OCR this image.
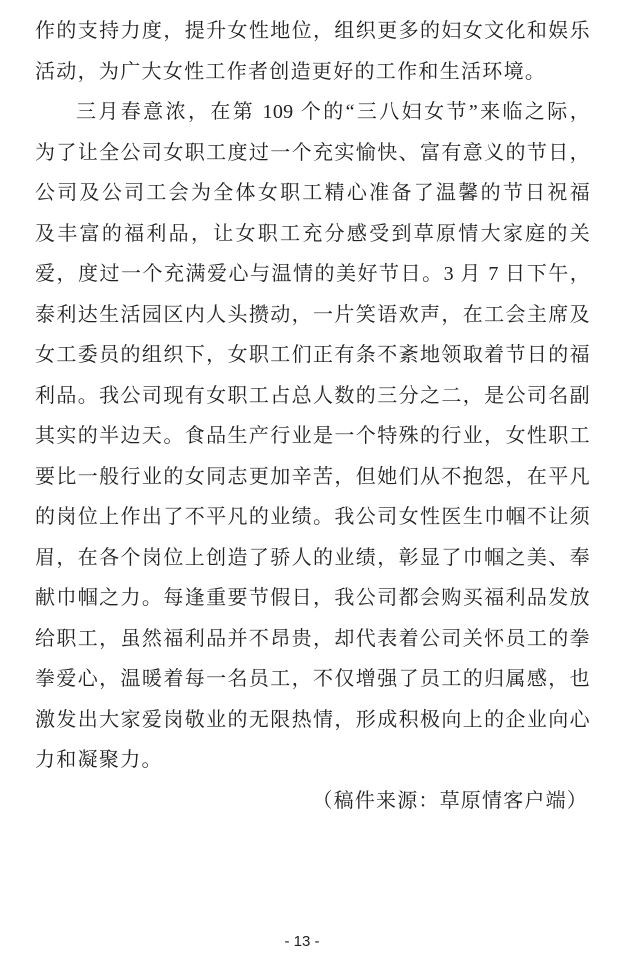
作的支持力度，提升女性地位，组织更多的妇女文化和娱乐
活动，为广大女性工作者创造更好的工作和生活环境。
三月春意浓，在第 109 个的“三八妇女节”来临之际，
为了让全公司女职工度过一个充实愉快、富有意义的节日，
公司及公司工会为全体女职工精心准备了温馨的节日祝福
及丰富的福利品，让女职工充分感受到草原情大家庭的关
爱，度过一个充满爱心与温情的美好节日。3 月 7 日下午，
泰利达生活园区内人头攒动，一片笑语欢声，在工会主席及
女工委员的组织下，女职工们正有条不紊地领取着节日的福
利品。我公司现有女职工占总人数的三分之二，是公司名副
其实的半边天。食品生产行业是一个特殊的行业，女性职工
要比一般行业的女同志更加辛苦，但她们从不抱怨，在平凡
的岗位上作出了不平凡的业绩。我公司女性医生巾帼不让须
眉，在各个岗位上创造了骄人的业绩，彰显了巾帼之美、奉
献巾帼之力。每逢重要节假日，我公司都会购买福利品发放
给职工，虽然福利品并不昂贵，却代表着公司关怀员工的拳
拳爱心，温暖着每一名员工，不仅增强了员工的归属感，也
激发出大家爱岗敬业的无限热情，形成积极向上的企业向心
力和凝聚力。
（稿件来源：草原情客户端）
- 13 -
